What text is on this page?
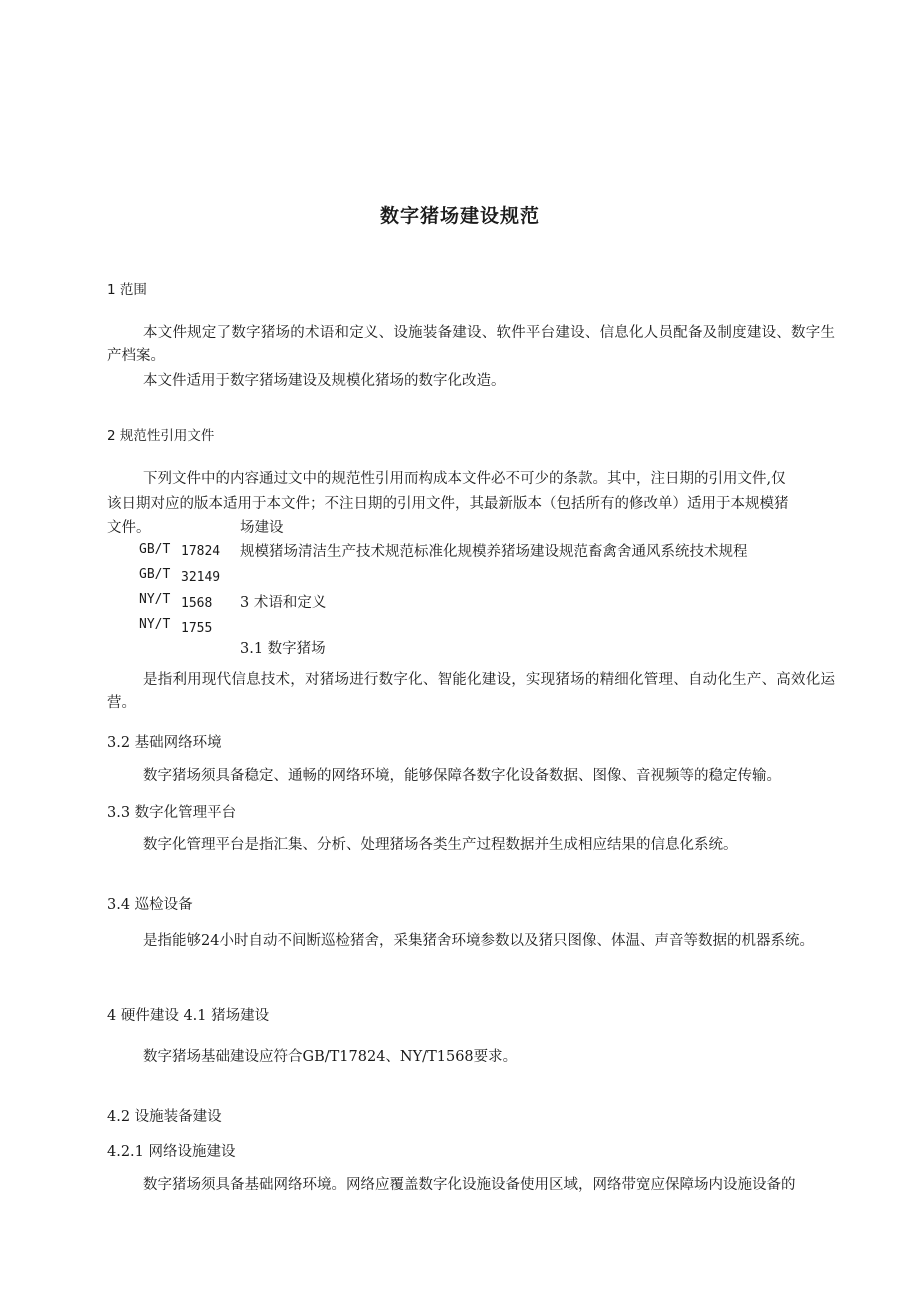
数字猪场建设规范
1 范围
本文件规定了数字猪场的术语和定义、设施装备建设、软件平台建设、信息化人员配备及制度建设、数字生产档案。
本文件适用于数字猪场建设及规模化猪场的数字化改造。
2 规范性引用文件
下列文件中的内容通过文中的规范性引用而构成本文件必不可少的条款。其中，注日期的引用文件,仅
该日期对应的版本适用于本文件；不注日期的引用文件，其最新版本（包括所有的修改单）适用于本规模猪
文件。	场建设
GB/T 17824
GB/T 32149
NY/T 1568
NY/T 1755
规模猪场清洁生产技术规范标准化规模养猪场建设规范畜禽舍通风系统技术规程
3 术语和定义
3.1 数字猪场
是指利用现代信息技术，对猪场进行数字化、智能化建设，实现猪场的精细化管理、自动化生产、高效化运营。
3.2 基础网络环境
数字猪场须具备稳定、通畅的网络环境，能够保障各数字化设备数据、图像、音视频等的稳定传输。
3.3 数字化管理平台
数字化管理平台是指汇集、分析、处理猪场各类生产过程数据并生成相应结果的信息化系统。
3.4 巡检设备
是指能够24小时自动不间断巡检猪舍，采集猪舍环境参数以及猪只图像、体温、声音等数据的机器系统。
4 硬件建设 4.1 猪场建设
数字猪场基础建设应符合GB/T17824、NY/T1568要求。
4.2 设施装备建设
4.2.1 网络设施建设
数字猪场须具备基础网络环境。网络应覆盖数字化设施设备使用区域，网络带宽应保障场内设施设备的
